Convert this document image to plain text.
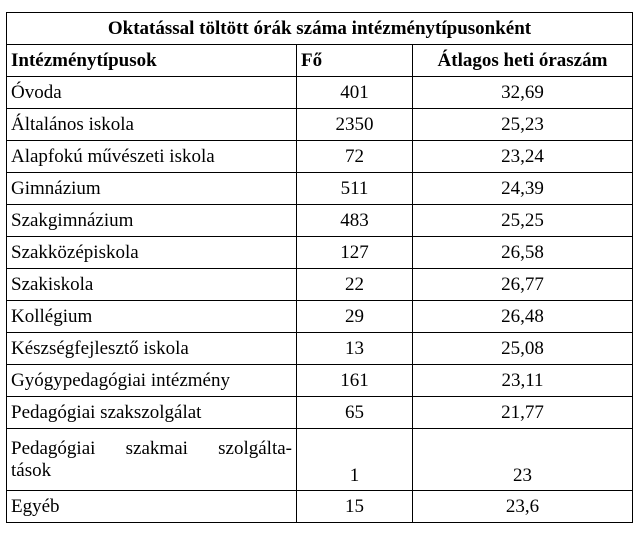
Oktatással töltött órák száma intézménytípusonként		
Intézménytípusok	Fő	Átlagos heti óraszám
Óvoda	401	32,69
Általános iskola	2350	25,23
Alapfokú művészeti iskola	72	23,24
Gimnázium	511	24,39
Szakgimnázium	483	25,25
Szakközépiskola	127	26,58
Szakiskola	22	26,77
Kollégium	29	26,48
Készségfejlesztő iskola	13	25,08
Gyógypedagógiai intézmény	161	23,11
Pedagógiai szakszolgálat	65	21,77

Pedagógiai szakmai szolgálta-
tások	1	23
Egyéb	15	23,6
